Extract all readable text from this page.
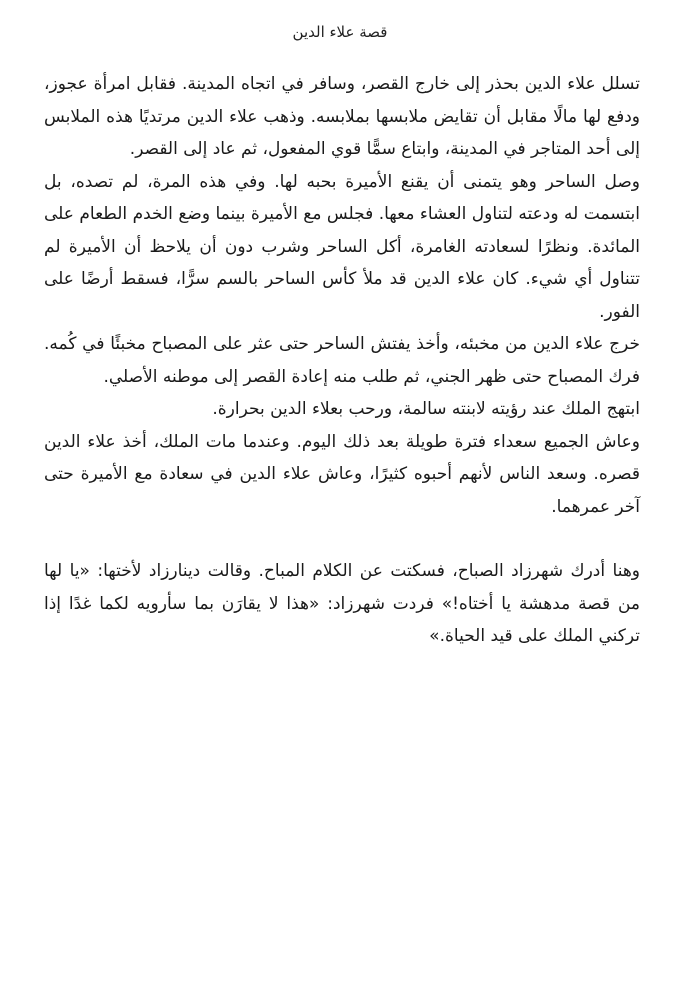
قصة علاء الدين

تسلل علاء الدين بحذر إلى خارج القصر، وسافر في اتجاه المدينة. فقابل امرأة عجوز، ودفع لها مالًا مقابل أن تقايض ملابسها بملابسه. وذهب علاء الدين مرتديًا هذه الملابس إلى أحد المتاجر في المدينة، وابتاع سمًّا قوي المفعول، ثم عاد إلى القصر.

وصل الساحر وهو يتمنى أن يقنع الأميرة بحبه لها. وفي هذه المرة، لم تصده، بل ابتسمت له ودعته لتناول العشاء معها. فجلس مع الأميرة بينما وضع الخدم الطعام على المائدة. ونظرًا لسعادته الغامرة، أكل الساحر وشرب دون أن يلاحظ أن الأميرة لم تتناول أي شيء. كان علاء الدين قد ملأ كأس الساحر بالسم سرًّا، فسقط أرضًا على الفور.

خرج علاء الدين من مخبئه، وأخذ يفتش الساحر حتى عثر على المصباح مخبئًا في كُمه. فرك المصباح حتى ظهر الجني، ثم طلب منه إعادة القصر إلى موطنه الأصلي.

ابتهج الملك عند رؤيته لابنته سالمة، ورحب بعلاء الدين بحرارة.

وعاش الجميع سعداء فترة طويلة بعد ذلك اليوم. وعندما مات الملك، أخذ علاء الدين قصره. وسعد الناس لأنهم أحبوه كثيرًا، وعاش علاء الدين في سعادة مع الأميرة حتى آخر عمرهما.

وهنا أدرك شهرزاد الصباح، فسكتت عن الكلام المباح. وقالت دينارزاد لأختها: «يا لها من قصة مدهشة يا أختاه!» فردت شهرزاد: «هذا لا يقارَن بما سأرويه لكما غدًا إذا تركني الملك على قيد الحياة.»
